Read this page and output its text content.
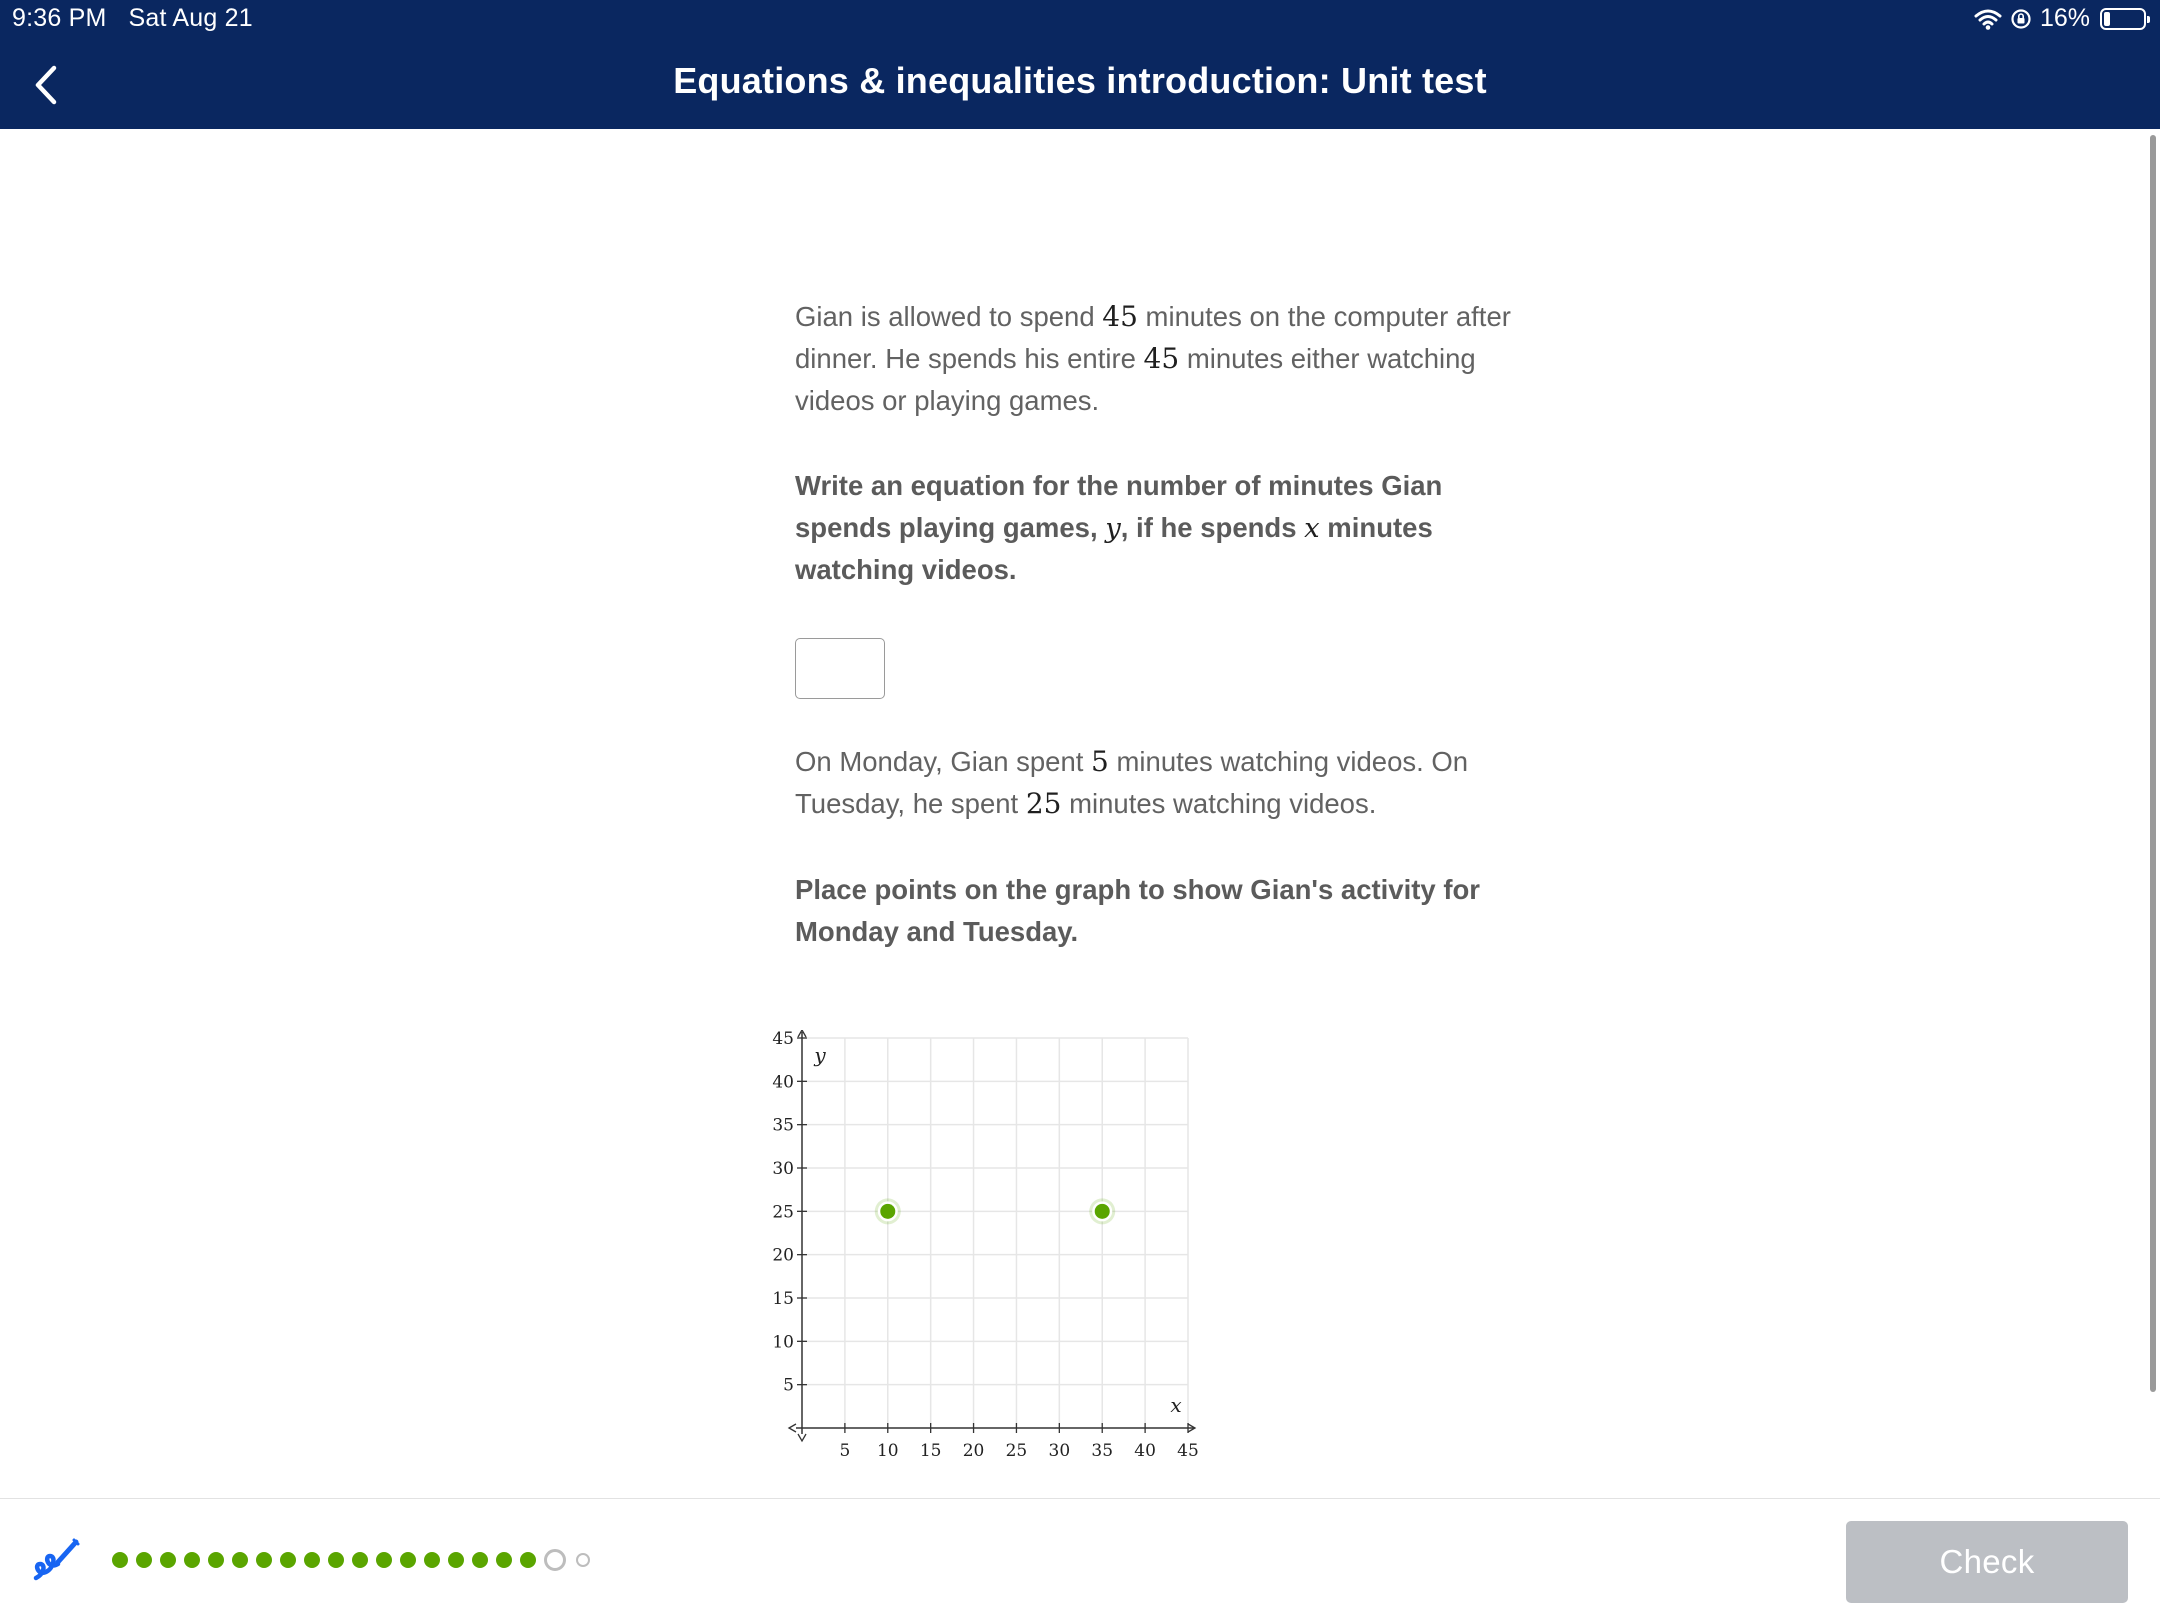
9:36 PM Sat Aug 21	16%
Equations & inequalities introduction: Unit test

Gian is allowed to spend 45 minutes on the computer after dinner. He spends his entire 45 minutes either watching videos or playing games.

Write an equation for the number of minutes Gian spends playing games, y, if he spends x minutes watching videos.

On Monday, Gian spent 5 minutes watching videos. On Tuesday, he spent 25 minutes watching videos.

Place points on the graph to show Gian's activity for Monday and Tuesday.

5 10 15 20 25 30 35 40 45
5
10
15
20
25
30
35
40
45
x
y
Check
